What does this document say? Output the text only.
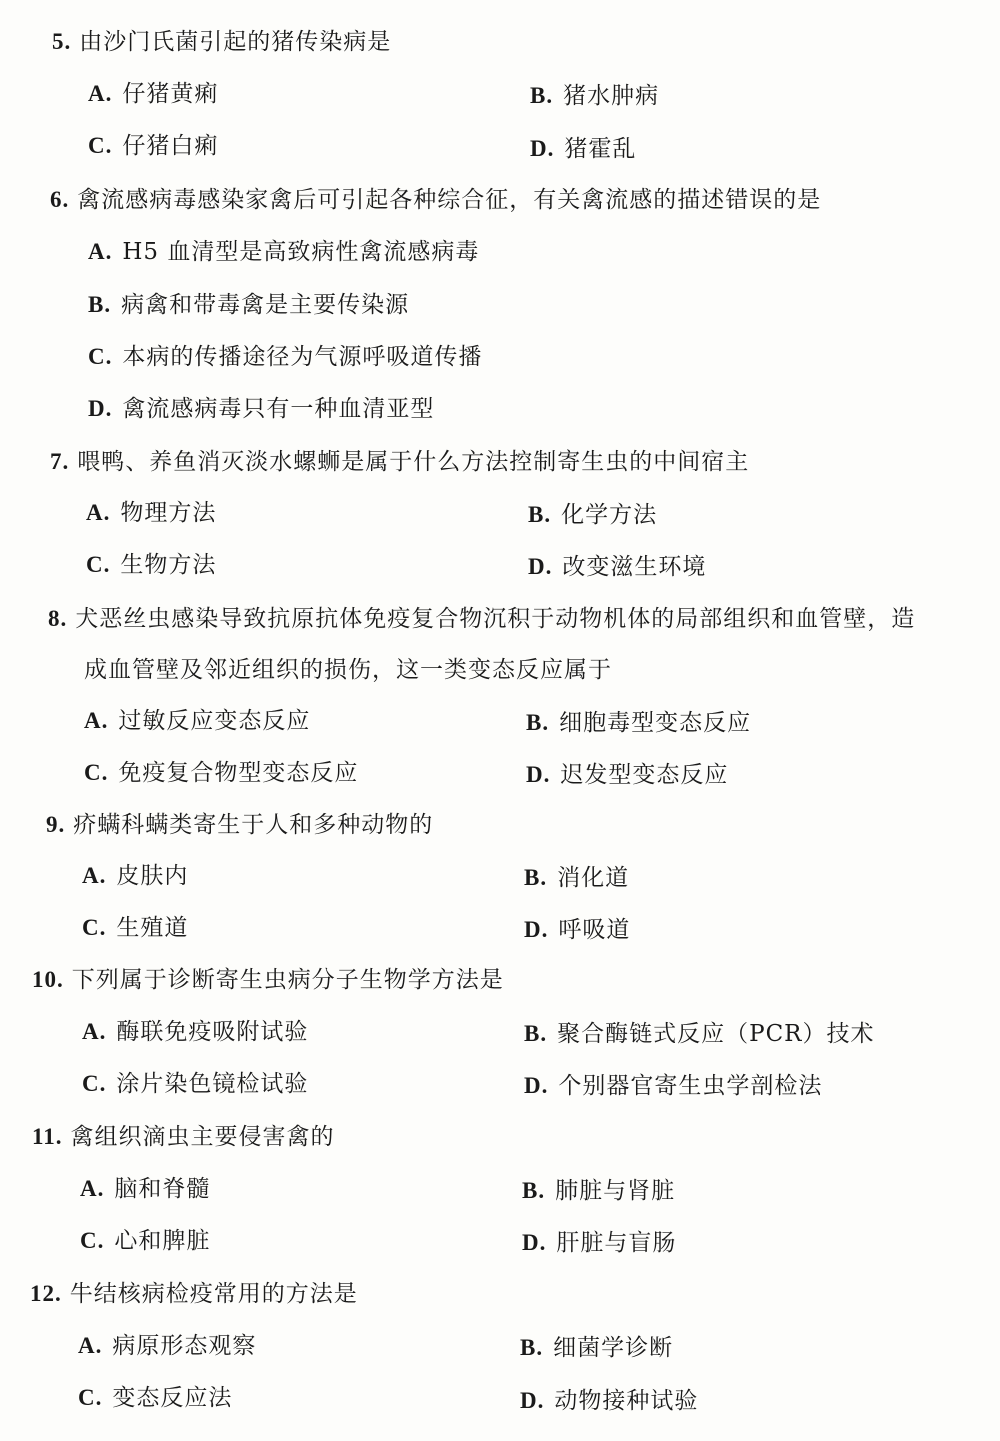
5. 由沙门氏菌引起的猪传染病是
A. 仔猪黄痢	B. 猪水肿病
C. 仔猪白痢	D. 猪霍乱
6. 禽流感病毒感染家禽后可引起各种综合征，有关禽流感的描述错误的是
A. H5 血清型是高致病性禽流感病毒
B. 病禽和带毒禽是主要传染源
C. 本病的传播途径为气源呼吸道传播
D. 禽流感病毒只有一种血清亚型
7. 喂鸭、养鱼消灭淡水螺蛳是属于什么方法控制寄生虫的中间宿主
A. 物理方法	B. 化学方法
C. 生物方法	D. 改变滋生环境
8. 犬恶丝虫感染导致抗原抗体免疫复合物沉积于动物机体的局部组织和血管壁，造
成血管壁及邻近组织的损伤，这一类变态反应属于
A. 过敏反应变态反应	B. 细胞毒型变态反应
C. 免疫复合物型变态反应	D. 迟发型变态反应
9. 疥螨科螨类寄生于人和多种动物的
A. 皮肤内	B. 消化道
C. 生殖道	D. 呼吸道
10. 下列属于诊断寄生虫病分子生物学方法是
A. 酶联免疫吸附试验	B. 聚合酶链式反应（PCR）技术
C. 涂片染色镜检试验	D. 个别器官寄生虫学剖检法
11. 禽组织滴虫主要侵害禽的
A. 脑和脊髓	B. 肺脏与肾脏
C. 心和脾脏	D. 肝脏与盲肠
12. 牛结核病检疫常用的方法是
A. 病原形态观察	B. 细菌学诊断
C. 变态反应法	D. 动物接种试验
